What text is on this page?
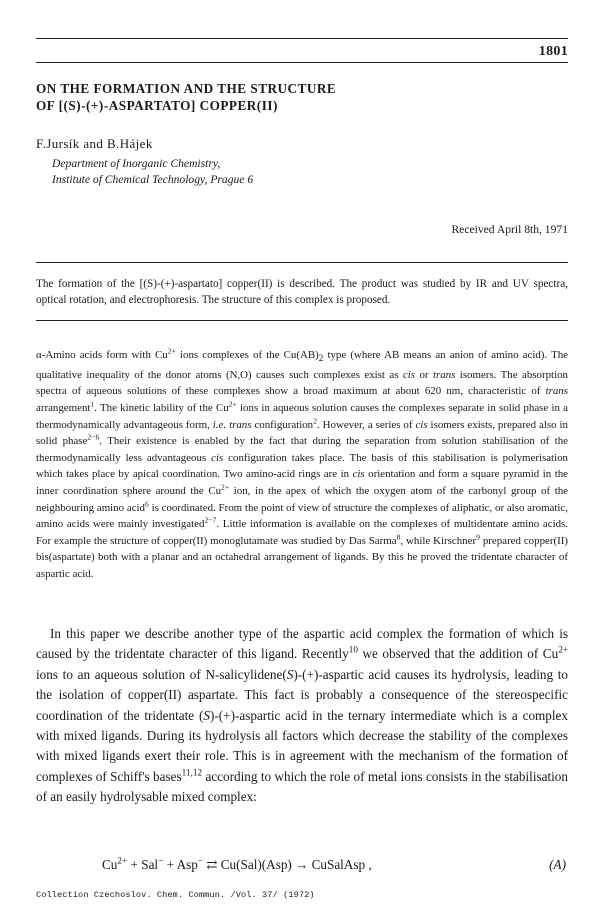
1801
ON THE FORMATION AND THE STRUCTURE
OF [(S)-(+)-ASPARTATO] COPPER(II)
F.Jursík and B.Hájek
Department of Inorganic Chemistry,
Institute of Chemical Technology, Prague 6
Received April 8th, 1971

The formation of the [(S)-(+)-aspartato] copper(II) is described. The product was studied by IR and UV spectra, optical rotation, and electrophoresis. The structure of this complex is proposed.

α-Amino acids form with $Cu^{2+}$ ions complexes of the $Cu(AB)_2$ type (where AB means an anion of amino acid). The qualitative inequality of the donor atoms (N,O) causes such complexes exist as cis or trans isomers. The absorption spectra of aqueous solutions of these complexes show a broad maximum at about 620 nm, characteristic of trans arrangement$^1$. The kinetic lability of the $Cu^{2+}$ ions in aqueous solution causes the complexes separate in solid phase in a thermodynamically advantageous form, i.e. trans configuration$^2$. However, a series of cis isomers exists, prepared also in solid phase$^{2-6}$. Their existence is enabled by the fact that during the separation from solution stabilisation of the thermodynamically less advantageous cis configuration takes place. The basis of this stabilisation is polymerisation which takes place by apical coordination. Two amino-acid rings are in cis orientation and form a square pyramid in the inner coordination sphere around the $Cu^{2+}$ ion, in the apex of which the oxygen atom of the carbonyl group of the neighbouring amino acid$^6$ is coordinated. From the point of view of structure the complexes of aliphatic, or also aromatic, amino acids were mainly investigated$^{2-7}$. Little information is available on the complexes of multidentate amino acids. For example the structure of copper(II) monoglutamate was studied by Das Sarma$^8$, while Kirschner$^9$ prepared copper(II) bis(aspartate) both with a planar and an octahedral arrangement of ligands. By this he proved the tridentate character of aspartic acid.

In this paper we describe another type of the aspartic acid complex the formation of which is caused by the tridentate character of this ligand. Recently$^{10}$ we observed that the addition of $Cu^{2+}$ ions to an aqueous solution of N-salicylidene(S)-(+)-aspartic acid causes its hydrolysis, leading to the isolation of copper(II) aspartate. This fact is probably a consequence of the stereospecific coordination of the tridentate (S)-(+)-aspartic acid in the ternary intermediate which is a complex with mixed ligands. During its hydrolysis all factors which decrease the stability of the complexes with mixed ligands exert their role. This is in agreement with the mechanism of the formation of complexes of Schiff's bases$^{11,12}$ according to which the role of metal ions consists in the stabilisation of an easily hydrolysable mixed complex:

$Cu^{2+} + Sal^- + Asp^-$ ⇄ Cu(Sal)(Asp) → CuSalAsp ,	(A)
Collection Czechoslov. Chem. Commun. /Vol. 37/ (1972)
